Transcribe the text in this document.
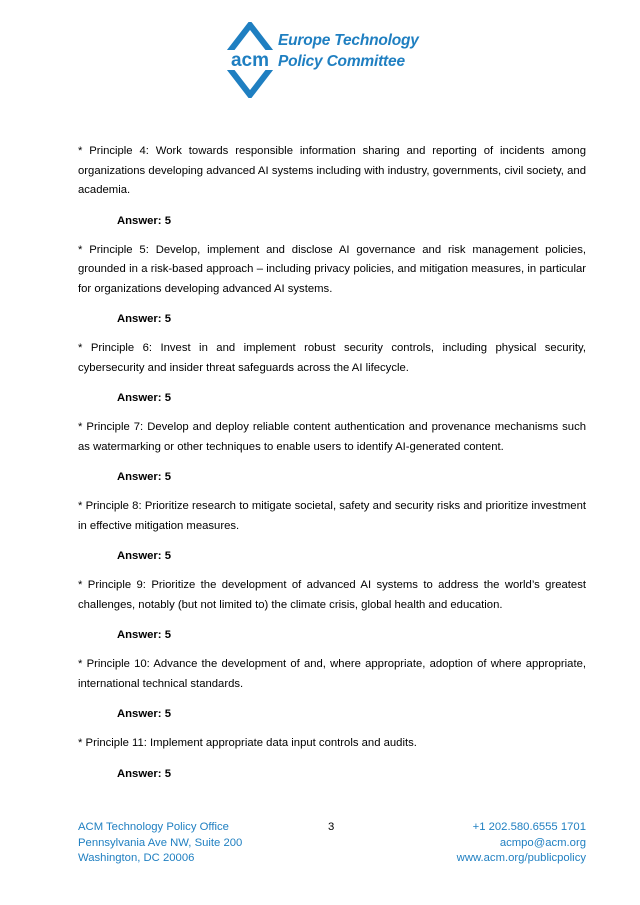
acm
Europe Technology
Policy Committee

* Principle 4: Work towards responsible information sharing and reporting of incidents among organizations developing advanced AI systems including with industry, governments, civil society, and academia.

Answer: 5

* Principle 5: Develop, implement and disclose AI governance and risk management policies, grounded in a risk-based approach – including privacy policies, and mitigation measures, in particular for organizations developing advanced AI systems.

Answer: 5

* Principle 6: Invest in and implement robust security controls, including physical security, cybersecurity and insider threat safeguards across the AI lifecycle.

Answer: 5

* Principle 7: Develop and deploy reliable content authentication and provenance mechanisms such as watermarking or other techniques to enable users to identify AI-generated content.

Answer: 5

* Principle 8: Prioritize research to mitigate societal, safety and security risks and prioritize investment in effective mitigation measures.

Answer: 5

* Principle 9: Prioritize the development of advanced AI systems to address the world’s greatest challenges, notably (but not limited to) the climate crisis, global health and education.

Answer: 5

* Principle 10: Advance the development of and, where appropriate, adoption of where appropriate, international technical standards.

Answer: 5

* Principle 11: Implement appropriate data input controls and audits.

Answer: 5
ACM Technology Policy Office
Pennsylvania Ave NW, Suite 200
Washington, DC 20006
3	+1 202.580.6555 1701
acmpo@acm.org
www.acm.org/publicpolicy
